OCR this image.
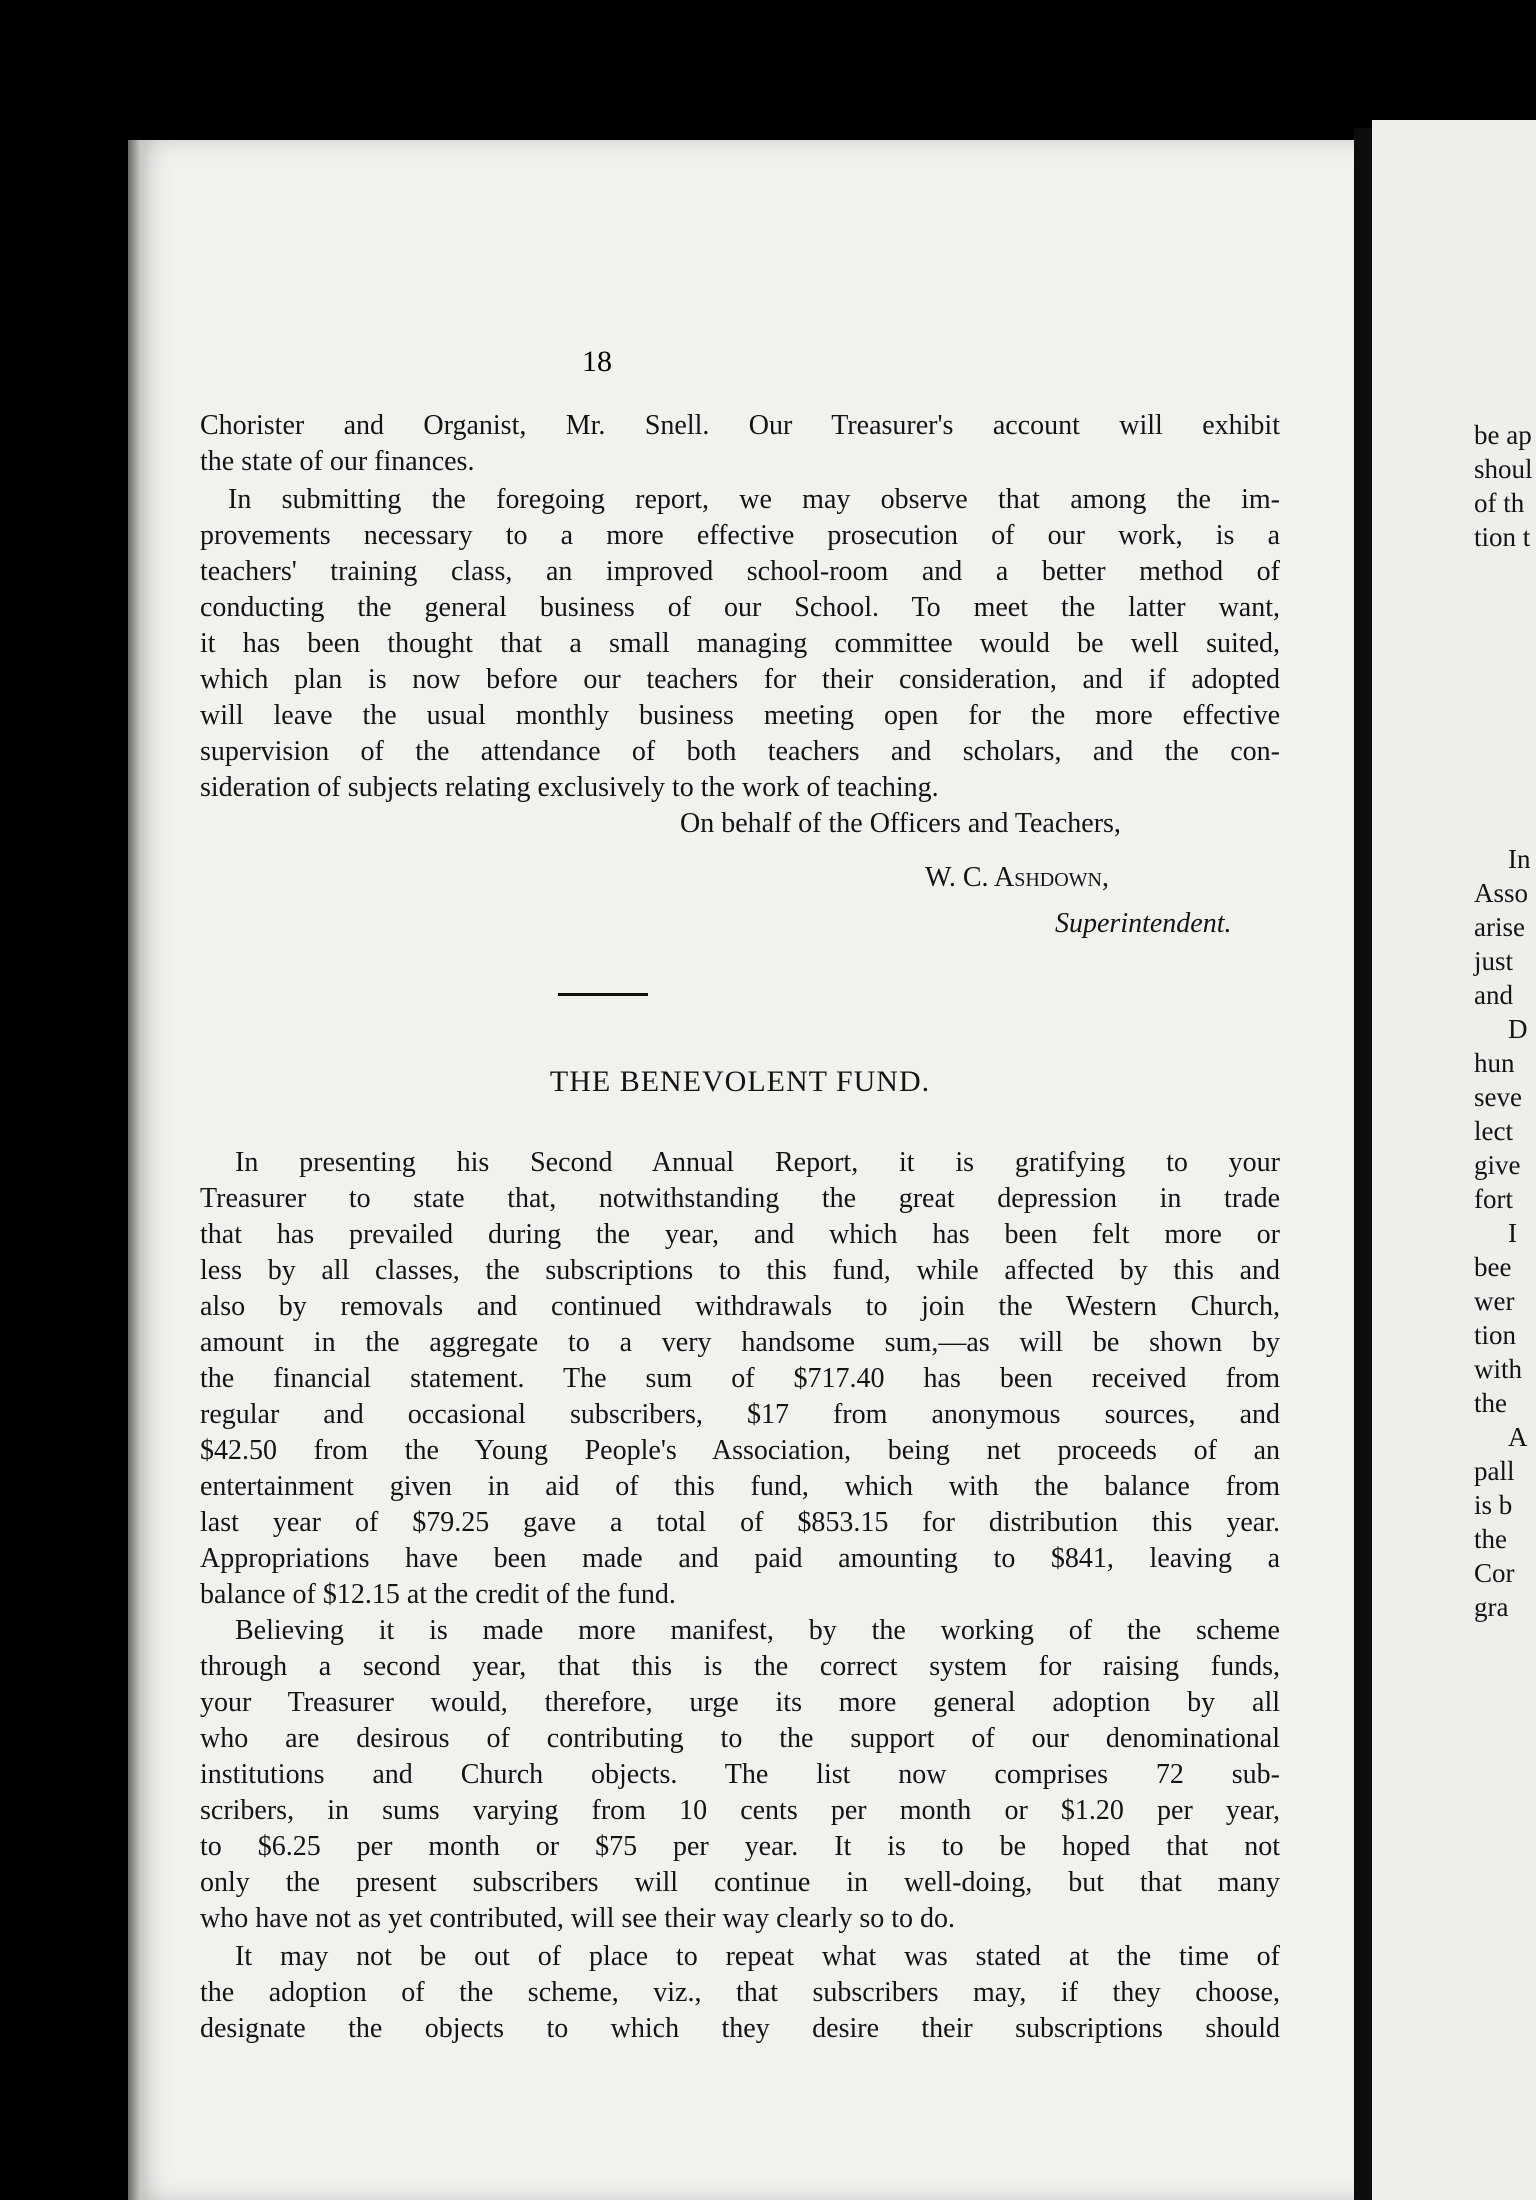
18
Chorister and Organist, Mr. Snell. Our Treasurer's account will exhibit
the state of our finances.
In submitting the foregoing report, we may observe that among the im-
provements necessary to a more effective prosecution of our work, is a
teachers' training class, an improved school-room and a better method of
conducting the general business of our School. To meet the latter want,
it has been thought that a small managing committee would be well suited,
which plan is now before our teachers for their consideration, and if adopted
will leave the usual monthly business meeting open for the more effective
supervision of the attendance of both teachers and scholars, and the con-
sideration of subjects relating exclusively to the work of teaching.
On behalf of the Officers and Teachers,
W. C. Ashdown,
Superintendent.
THE BENEVOLENT FUND.
In presenting his Second Annual Report, it is gratifying to your
Treasurer to state that, notwithstanding the great depression in trade
that has prevailed during the year, and which has been felt more or
less by all classes, the subscriptions to this fund, while affected by this and
also by removals and continued withdrawals to join the Western Church,
amount in the aggregate to a very handsome sum,—as will be shown by
the financial statement. The sum of $717.40 has been received from
regular and occasional subscribers, $17 from anonymous sources, and
$42.50 from the Young People's Association, being net proceeds of an
entertainment given in aid of this fund, which with the balance from
last year of $79.25 gave a total of $853.15 for distribution this year.
Appropriations have been made and paid amounting to $841, leaving a
balance of $12.15 at the credit of the fund.
Believing it is made more manifest, by the working of the scheme
through a second year, that this is the correct system for raising funds,
your Treasurer would, therefore, urge its more general adoption by all
who are desirous of contributing to the support of our denominational
institutions and Church objects. The list now comprises 72 sub-
scribers, in sums varying from 10 cents per month or $1.20 per year,
to $6.25 per month or $75 per year. It is to be hoped that not
only the present subscribers will continue in well-doing, but that many
who have not as yet contributed, will see their way clearly so to do.
It may not be out of place to repeat what was stated at the time of
the adoption of the scheme, viz., that subscribers may, if they choose,
designate the objects to which they desire their subscriptions should
be ap
shoul
of th
tion t
In
Asso
arise
just
and
D
hun
seve
lect
give
fort
I
bee
wer
tion
with
the
A
pall
is b
the
Cor
gra
